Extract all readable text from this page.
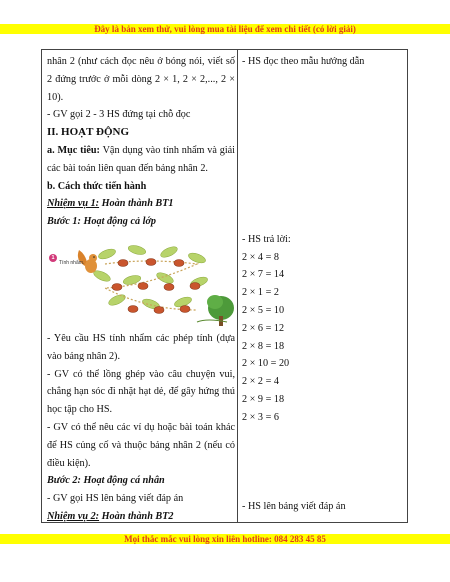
Đây là bản xem thử, vui lòng mua tài liệu để xem chi tiết (có lời giải)
nhân 2 (như cách đọc nêu ở bóng nói, viết số 2 đứng trước ở mỗi dòng 2 × 1, 2 × 2,..., 2 × 10).
- GV gọi 2 - 3 HS đứng tại chỗ đọc
II. HOẠT ĐỘNG
a. Mục tiêu: Vận dụng vào tính nhẩm và giải các bài toán liên quan đến bảng nhân 2.
b. Cách thức tiến hành
Nhiệm vụ 1: Hoàn thành BT1
Bước 1: Hoạt động cả lớp
1
Tính nhẩm.
- Yêu cầu HS tính nhẩm các phép tính (dựa vào bảng nhân 2).
- GV có thể lồng ghép vào câu chuyện vui, chẳng hạn sóc đi nhặt hạt dẻ, để gây hứng thú học tập cho HS.
- GV có thể nêu các ví dụ hoặc bài toán khác để HS củng cố và thuộc bảng nhân 2 (nếu có điều kiện).
Bước 2: Hoạt động cá nhân
- GV gọi HS lên bảng viết đáp án
Nhiệm vụ 2: Hoàn thành BT2
- HS đọc theo mẫu hướng dẫn
- HS trả lời:
2 × 4 = 8
2 × 7 = 14
2 × 1 = 2
2 × 5 = 10
2 × 6 = 12
2 × 8 = 18
2 × 10 = 20
2 × 2 = 4
2 × 9 = 18
2 × 3 = 6
- HS lên bảng viết đáp án
Mọi thắc mắc vui lòng xin liên hotline: 084 283 45 85
